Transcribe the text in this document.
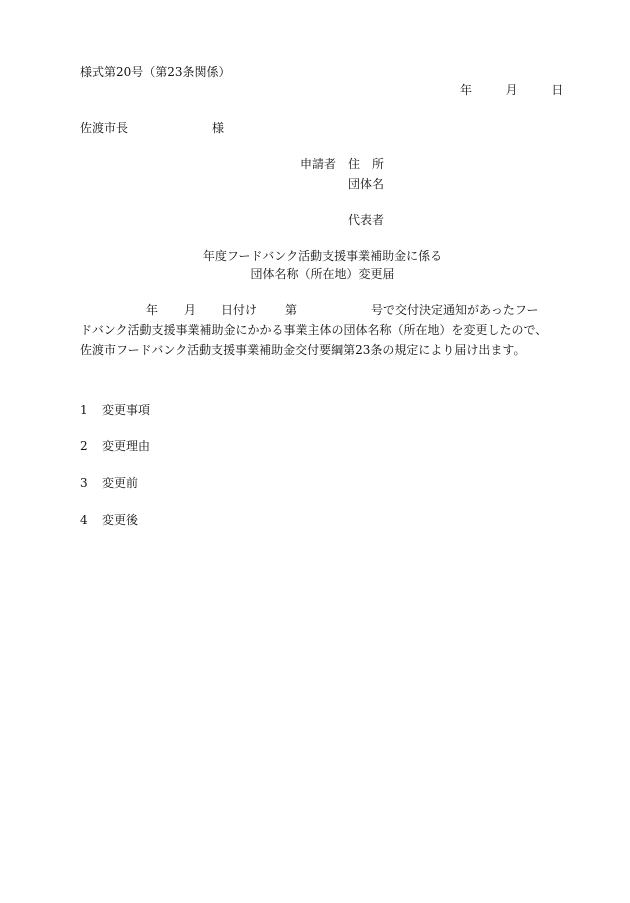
様式第20号（第23条関係）
年	月	日
佐渡市長	様
申請者 住　所
団体名
代表者
年度フードバンク活動支援事業補助金に係る
団体名称（所在地）変更届
年 月 日付け 第	号で交付決定通知があったフー
ドバンク活動支援事業補助金にかかる事業主体の団体名称（所在地）を変更したので、
佐渡市フードバンク活動支援事業補助金交付要綱第23条の規定により届け出ます。
1 変更事項
2 変更理由
3 変更前
4 変更後
